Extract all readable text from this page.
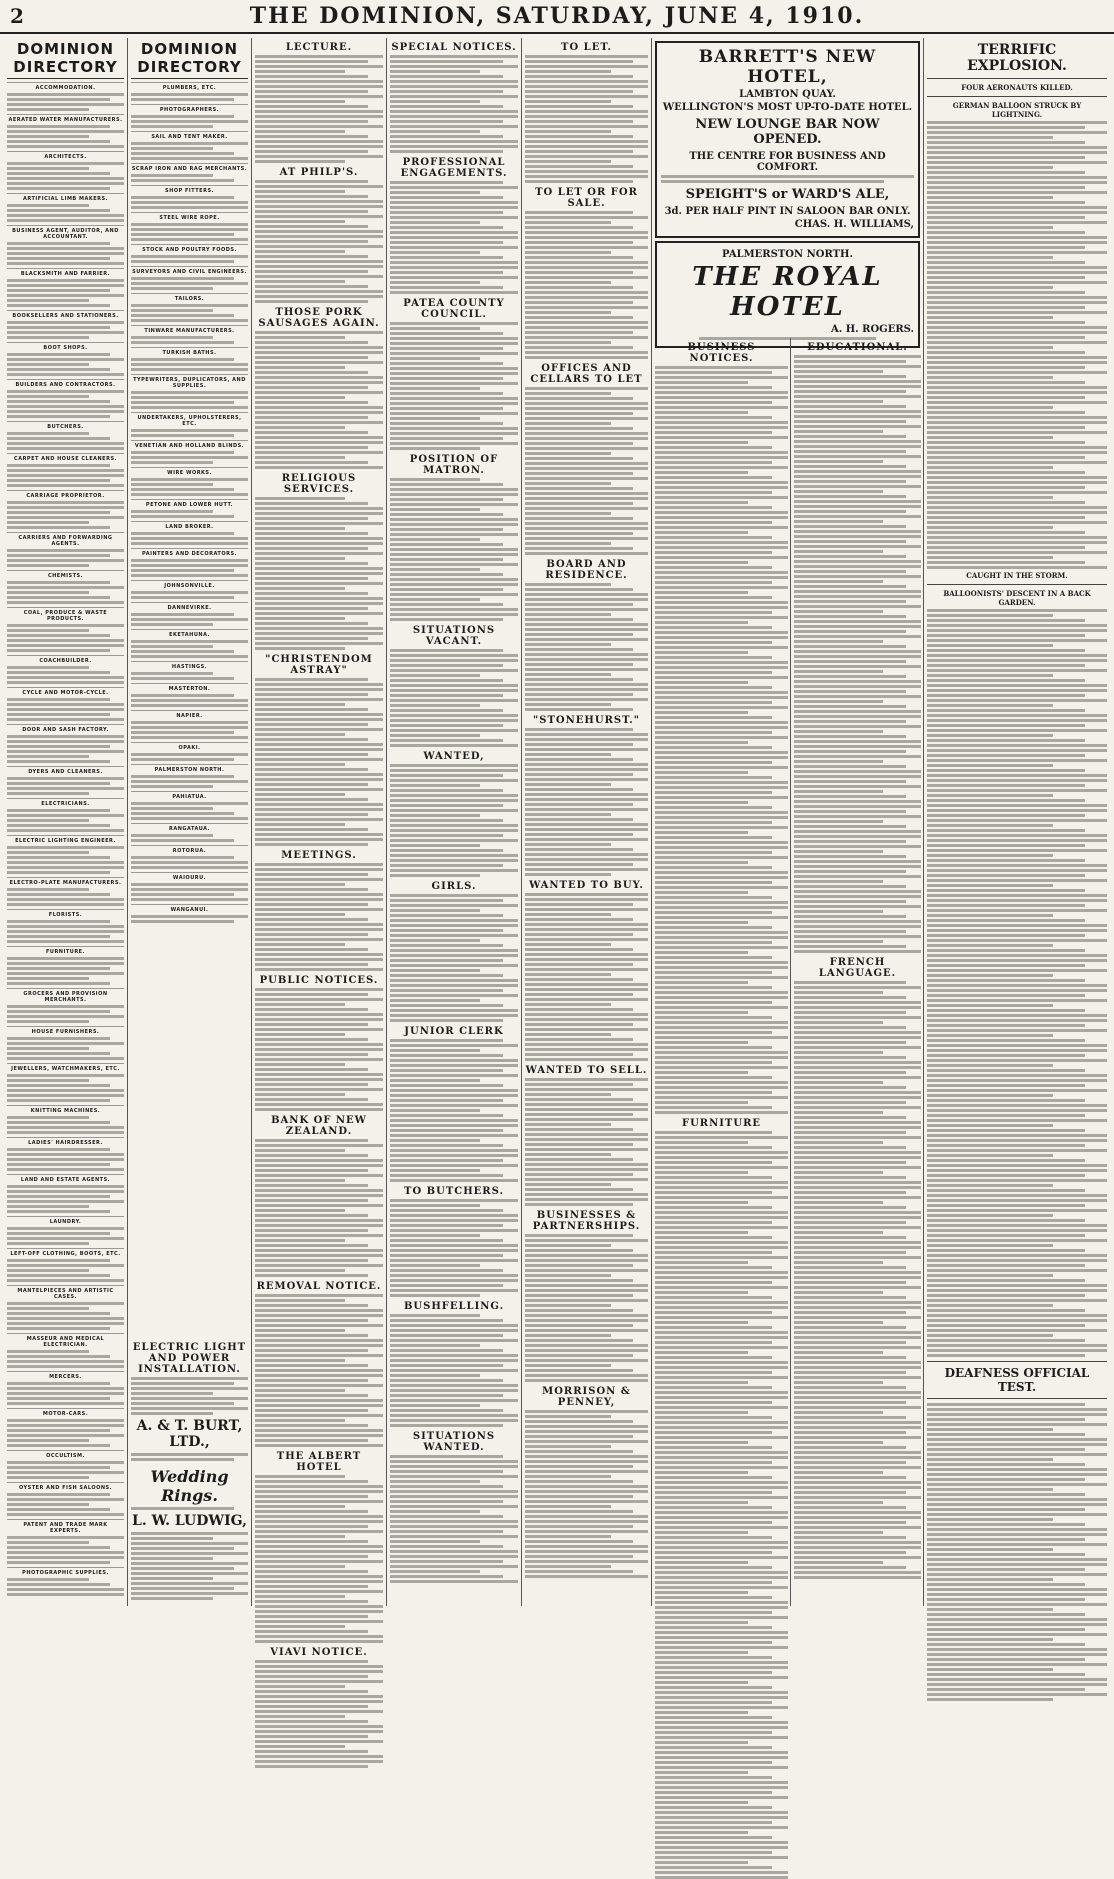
2	THE DOMINION, SATURDAY, JUNE 4, 1910.
DOMINION DIRECTORY
ACCOMMODATION.
AERATED WATER MANUFACTURERS.
ARCHITECTS.
ARTIFICIAL LIMB MAKERS.
BUSINESS AGENT, AUDITOR, AND ACCOUNTANT.
BLACKSMITH AND FARRIER.
BOOKSELLERS AND STATIONERS.
BOOT SHOPS.
BUILDERS AND CONTRACTORS.
BUTCHERS.
CARPET AND HOUSE CLEANERS.
CARRIAGE PROPRIETOR.
CARRIERS AND FORWARDING AGENTS.
CHEMISTS.
COAL, PRODUCE & WASTE PRODUCTS.
COACHBUILDER.
CYCLE AND MOTOR-CYCLE.
DOOR AND SASH FACTORY.
DYERS AND CLEANERS.
ELECTRICIANS.
ELECTRIC LIGHTING ENGINEER.
ELECTRO-PLATE MANUFACTURERS.
FLORISTS.
FURNITURE.
GROCERS AND PROVISION MERCHANTS.
HOUSE FURNISHERS.
JEWELLERS, WATCHMAKERS, ETC.
KNITTING MACHINES.
LADIES' HAIRDRESSER.
LAND AND ESTATE AGENTS.
LAUNDRY.
LEFT-OFF CLOTHING, BOOTS, ETC.
MANTELPIECES AND ARTISTIC CASES.
MASSEUR AND MEDICAL ELECTRICIAN.
MERCERS.
MOTOR-CARS.
OCCULTISM.
OYSTER AND FISH SALOONS.
PATENT AND TRADE MARK EXPERTS.
PHOTOGRAPHIC SUPPLIES.
DOMINION DIRECTORY
PLUMBERS, ETC.
PHOTOGRAPHERS.
SAIL AND TENT MAKER.
SCRAP IRON AND RAG MERCHANTS.
SHOP FITTERS.
STEEL WIRE ROPE.
STOCK AND POULTRY FOODS.
SURVEYORS AND CIVIL ENGINEERS.
TAILORS.
TINWARE MANUFACTURERS.
TURKISH BATHS.
TYPEWRITERS, DUPLICATORS, AND SUPPLIES.
UNDERTAKERS, UPHOLSTERERS, ETC.
VENETIAN AND HOLLAND BLINDS.
WIRE WORKS.
PETONE AND LOWER HUTT.
LAND BROKER.
PAINTERS AND DECORATORS.
JOHNSONVILLE.
DANNEVIRKE.
EKETAHUNA.
HASTINGS.
MASTERTON.
NAPIER.
OPAKI.
PALMERSTON NORTH.
PAHIATUA.
RANGATAUA.
ROTORUA.
WAIOURU.
WANGANUI.
ELECTRIC LIGHT AND POWER INSTALLATION.
A. & T. BURT, LTD.,
Wedding Rings.
L. W. LUDWIG,
LECTURE.
AT PHILP'S.
THOSE PORK SAUSAGES AGAIN.
RELIGIOUS SERVICES.
"CHRISTENDOM ASTRAY"
MEETINGS.
PUBLIC NOTICES.
BANK OF NEW ZEALAND.
REMOVAL NOTICE.
THE ALBERT HOTEL
VIAVI NOTICE.
SPECIAL NOTICES.
PROFESSIONAL ENGAGEMENTS.
PATEA COUNTY COUNCIL.
POSITION OF MATRON.
SITUATIONS VACANT.
WANTED,
GIRLS.
JUNIOR CLERK
TO BUTCHERS.
BUSHFELLING.
SITUATIONS WANTED.
TO LET.
TO LET OR FOR SALE.
OFFICES AND CELLARS TO LET
BOARD AND RESIDENCE.
"STONEHURST."
WANTED TO BUY.
WANTED TO SELL.
BUSINESSES & PARTNERSHIPS.
MORRISON & PENNEY,
BARRETT'S NEW HOTEL,
LAMBTON QUAY.
WELLINGTON'S MOST UP-TO-DATE HOTEL.
NEW LOUNGE BAR NOW OPENED.
THE CENTRE FOR BUSINESS AND COMFORT.
SPEIGHT'S or WARD'S ALE,
3d. PER HALF PINT IN SALOON BAR ONLY.
CHAS. H. WILLIAMS,
PALMERSTON NORTH.
THE ROYAL HOTEL
A. H. ROGERS.
BUSINESS NOTICES.
FURNITURE
EDUCATIONAL.
FRENCH LANGUAGE.
TERRIFIC EXPLOSION.
FOUR AERONAUTS KILLED.
GERMAN BALLOON STRUCK BY LIGHTNING.
CAUGHT IN THE STORM.
BALLOONISTS' DESCENT IN A BACK GARDEN.
DEAFNESS OFFICIAL TEST.
